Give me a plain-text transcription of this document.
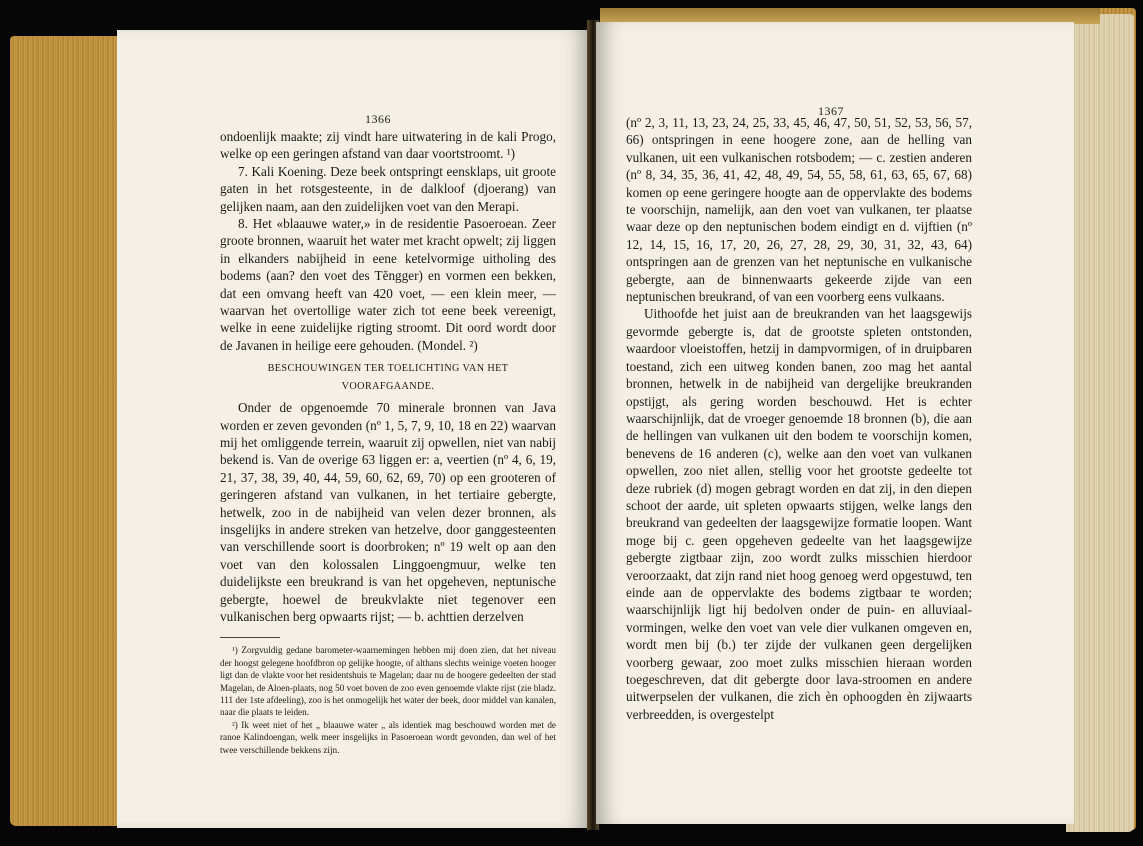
1366

ondoenlijk maakte; zij vindt hare uitwatering in de kali Progo, welke op een geringen afstand van daar voortstroomt. ¹)

7. Kali Koening. Deze beek ontspringt eensklaps, uit groote gaten in het rotsgesteente, in de dalkloof (djoerang) van gelijken naam, aan den zuidelijken voet van den Merapi.

8. Het «blaauwe water,» in de residentie Pasoeroean. Zeer groote bronnen, waaruit het water met kracht opwelt; zij liggen in elkanders nabijheid in eene ketelvormige uitholing des bodems (aan? den voet des Tĕngger) en vormen een bekken, dat een omvang heeft van 420 voet, — een klein meer, — waarvan het overtollige water zich tot eene beek vereenigt, welke in eene zuidelijke rigting stroomt. Dit oord wordt door de Javanen in heilige eere gehouden. (Mondel. ²)

BESCHOUWINGEN TER TOELICHTING VAN HET VOORAFGAANDE.

Onder de opgenoemde 70 minerale bronnen van Java worden er zeven gevonden (nº 1, 5, 7, 9, 10, 18 en 22) waarvan mij het omliggende terrein, waaruit zij opwellen, niet van nabij bekend is. Van de overige 63 liggen er: a, veertien (nº 4, 6, 19, 21, 37, 38, 39, 40, 44, 59, 60, 62, 69, 70) op een grooteren of geringeren afstand van vulkanen, in het tertiaire gebergte, hetwelk, zoo in de nabijheid van velen dezer bronnen, als insgelijks in andere streken van hetzelve, door ganggesteenten van verschillende soort is doorbroken; nº 19 welt op aan den voet van den kolossalen Linggoengmuur, welke ten duidelijkste een breukrand is van het opgeheven, neptunische gebergte, hoewel de breukvlakte niet tegenover een vulkanischen berg opwaarts rijst; — b. achttien derzelven

¹) Zorgvuldig gedane barometer-waarnemingen hebben mij doen zien, dat het niveau der hoogst gelegene hoofdbron op gelijke hoogte, of althans slechts weinige voeten hooger ligt dan de vlakte voor het residentshuis te Magelan; daar nu de hoogere gedeelten der stad Magelan, de Aloen-plaats, nog 50 voet boven de zoo even genoemde vlakte rijst (zie bladz. 111 der 1ste afdeeling), zoo is het onmogelijk het water der beek, door middel van kanalen, naar die plaats te leiden.

²) Ik weet niet of het „ blaauwe water „ als identiek mag beschouwd worden met de ranoe Kalindoengan, welk meer insgelijks in Pasoeroean wordt gevonden, dan wel of het twee verschillende bekkens zijn.

1367

(nº 2, 3, 11, 13, 23, 24, 25, 33, 45, 46, 47, 50, 51, 52, 53, 56, 57, 66) ontspringen in eene hoogere zone, aan de helling van vulkanen, uit een vulkanischen rotsbodem; — c. zestien anderen (nº 8, 34, 35, 36, 41, 42, 48, 49, 54, 55, 58, 61, 63, 65, 67, 68) komen op eene geringere hoogte aan de oppervlakte des bodems te voorschijn, namelijk, aan den voet van vulkanen, ter plaatse waar deze op den neptunischen bodem eindigt en d. vijftien (nº 12, 14, 15, 16, 17, 20, 26, 27, 28, 29, 30, 31, 32, 43, 64) ontspringen aan de grenzen van het neptunische en vulkanische gebergte, aan de binnenwaarts gekeerde zijde van een neptunischen breukrand, of van een voorberg eens vulkaans.

Uithoofde het juist aan de breukranden van het laagsgewijs gevormde gebergte is, dat de grootste spleten ontstonden, waardoor vloeistoffen, hetzij in dampvormigen, of in druipbaren toestand, zich een uitweg konden banen, zoo mag het aantal bronnen, hetwelk in de nabijheid van dergelijke breukranden opstijgt, als gering worden beschouwd. Het is echter waarschijnlijk, dat de vroeger genoemde 18 bronnen (b), die aan de hellingen van vulkanen uit den bodem te voorschijn komen, benevens de 16 anderen (c), welke aan den voet van vulkanen opwellen, zoo niet allen, stellig voor het grootste gedeelte tot deze rubriek (d) mogen gebragt worden en dat zij, in den diepen schoot der aarde, uit spleten opwaarts stijgen, welke langs den breukrand van gedeelten der laagsgewijze formatie loopen. Want moge bij c. geen opgeheven gedeelte van het laagsgewijze gebergte zigtbaar zijn, zoo wordt zulks misschien hierdoor veroorzaakt, dat zijn rand niet hoog genoeg werd opgestuwd, ten einde aan de oppervlakte des bodems zigtbaar te worden; waarschijnlijk ligt hij bedolven onder de puin- en alluviaal-vormingen, welke den voet van vele dier vulkanen omgeven en, wordt men bij (b.) ter zijde der vulkanen geen dergelijken voorberg gewaar, zoo moet zulks misschien hieraan worden toegeschreven, dat dit gebergte door lava-stroomen en andere uitwerpselen der vulkanen, die zich èn ophoogden èn zijwaarts verbreedden, is overgestelpt
